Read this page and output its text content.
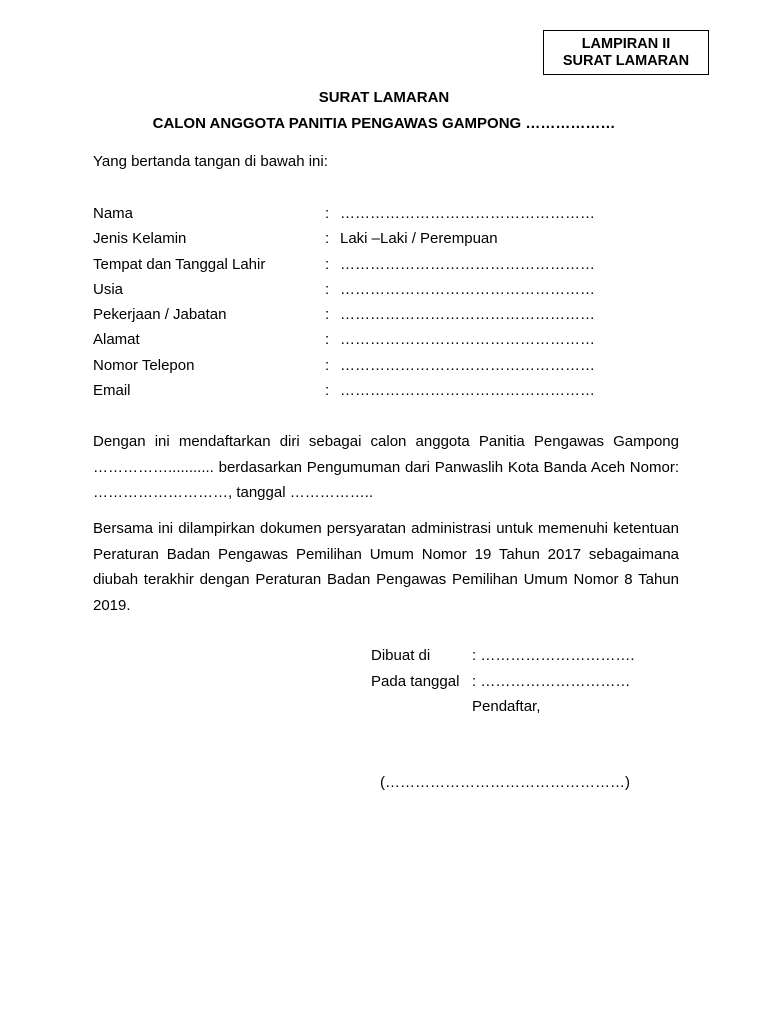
LAMPIRAN II
SURAT LAMARAN
SURAT LAMARAN
CALON ANGGOTA PANITIA PENGAWAS GAMPONG ………………
Yang bertanda tangan di bawah ini:
Nama	: ……………………………………………
Jenis Kelamin	: Laki –Laki / Perempuan
Tempat dan Tanggal Lahir	: ……………………………………………
Usia	: ……………………………………………
Pekerjaan / Jabatan	: ……………………………………………
Alamat	: ……………………………………………
Nomor Telepon	: ……………………………………………
Email	: ……………………………………………
Dengan ini mendaftarkan diri sebagai calon anggota Panitia Pengawas Gampong ……………........... berdasarkan Pengumuman dari Panwaslih Kota Banda Aceh Nomor: ………………………, tanggal ……………..
Bersama ini dilampirkan dokumen persyaratan administrasi untuk memenuhi ketentuan Peraturan Badan Pengawas Pemilihan Umum Nomor 19 Tahun 2017 sebagaimana diubah terakhir dengan Peraturan Badan Pengawas Pemilihan Umum Nomor 8 Tahun 2019.
Dibuat di	: ………………………….
Pada tanggal : …………………………
Pendaftar,
(…………………………………………)
